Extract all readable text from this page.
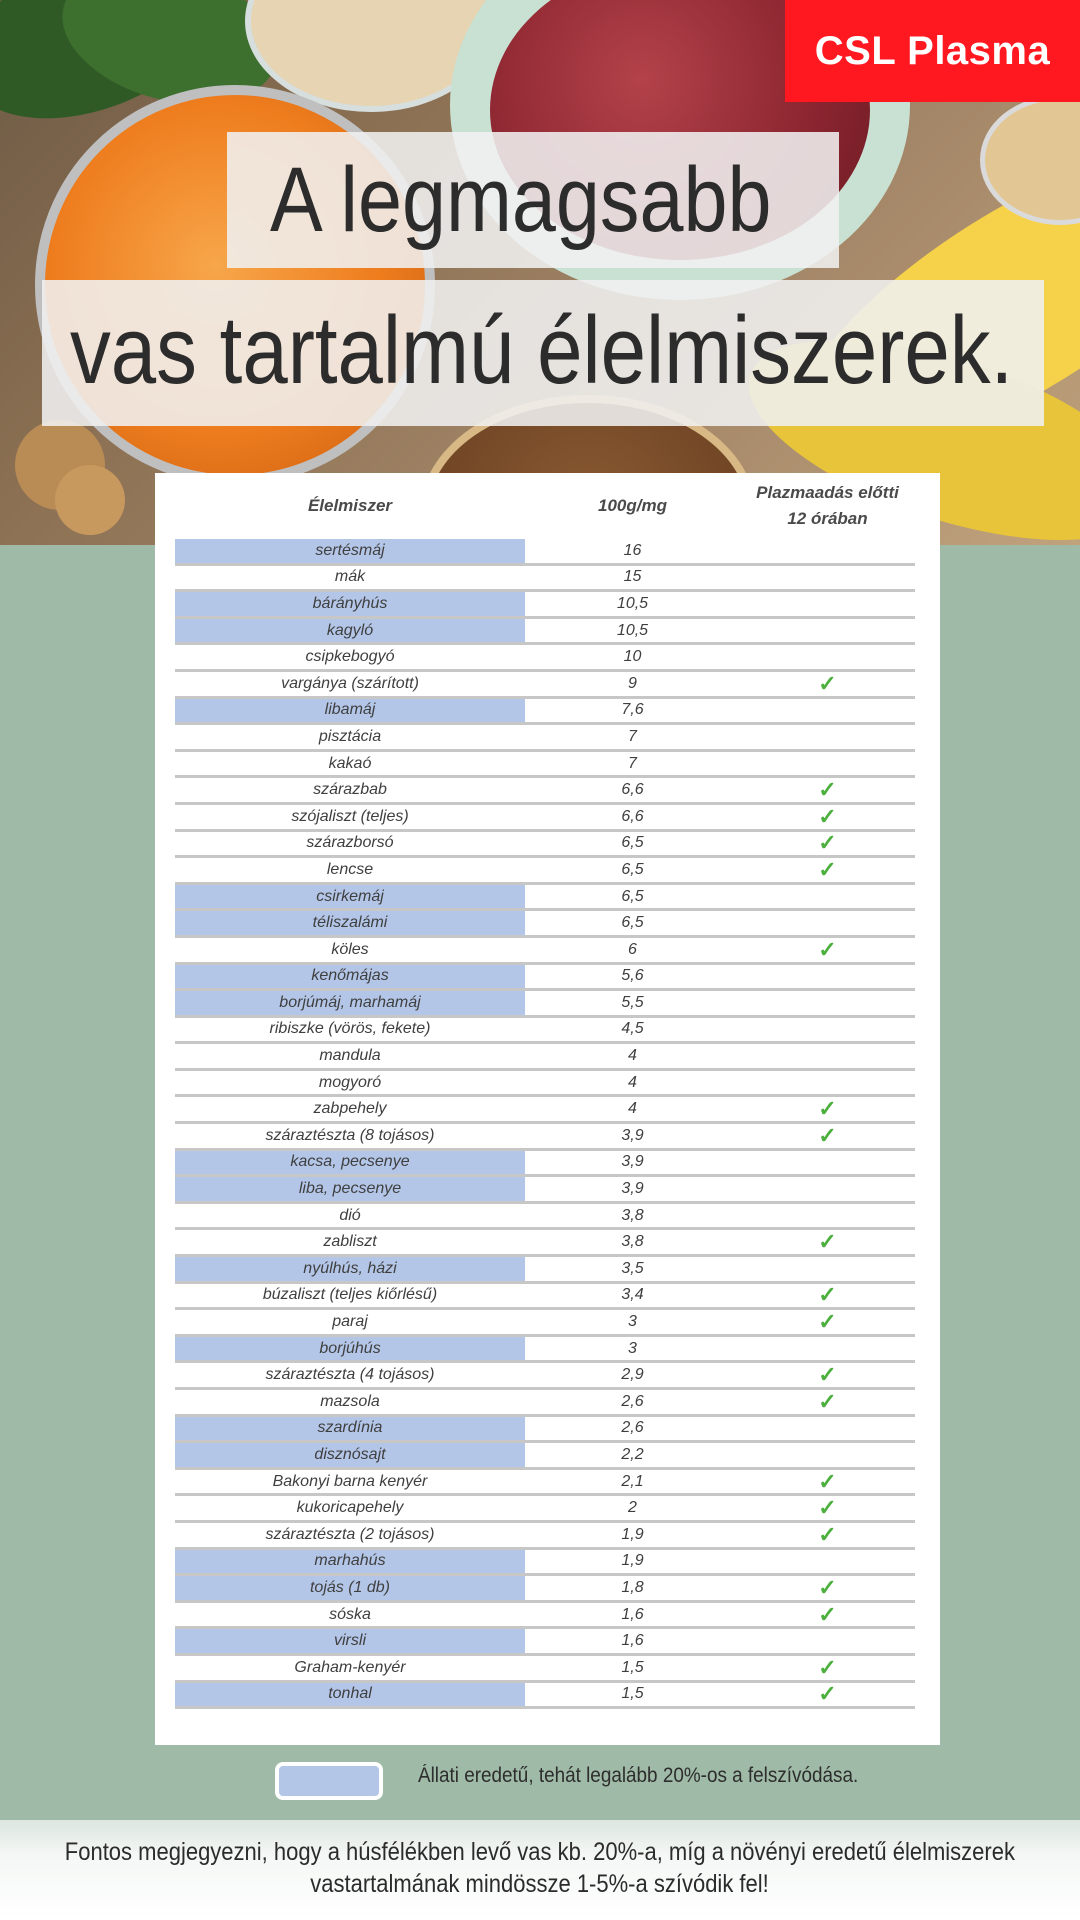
CSL Plasma
A legmagsabb
vas tartalmú élelmiszerek.
Élelmiszer	100g/mg
Plazmaadás előtti
12 órában
sertésmáj	16
mák	15
bárányhús	10,5
kagyló	10,5
csipkebogyó	10
vargánya (szárított)	9	✓
libamáj	7,6
pisztácia	7
kakaó	7
szárazbab	6,6	✓
szójaliszt (teljes)	6,6	✓
szárazborsó	6,5	✓
lencse	6,5	✓
csirkemáj	6,5
téliszalámi	6,5
köles	6	✓
kenőmájas	5,6
borjúmáj, marhamáj	5,5
ribiszke (vörös, fekete)	4,5
mandula	4
mogyoró	4
zabpehely	4	✓
száraztészta (8 tojásos)	3,9	✓
kacsa, pecsenye	3,9
liba, pecsenye	3,9
dió	3,8
zabliszt	3,8	✓
nyúlhús, házi	3,5
búzaliszt (teljes kiőrlésű)	3,4	✓
paraj	3	✓
borjúhús	3
száraztészta (4 tojásos)	2,9	✓
mazsola	2,6	✓
szardínia	2,6
disznósajt	2,2
Bakonyi barna kenyér	2,1	✓
kukoricapehely	2	✓
száraztészta (2 tojásos)	1,9	✓
marhahús	1,9
tojás (1 db)	1,8	✓
sóska	1,6	✓
virsli	1,6
Graham-kenyér	1,5	✓
tonhal	1,5	✓
Állati eredetű, tehát legalább 20%-os a felszívódása.
Fontos megjegyezni, hogy a húsfélékben levő vas kb. 20%-a, míg a növényi eredetű élelmiszerek
vastartalmának mindössze 1-5%-a szívódik fel!
